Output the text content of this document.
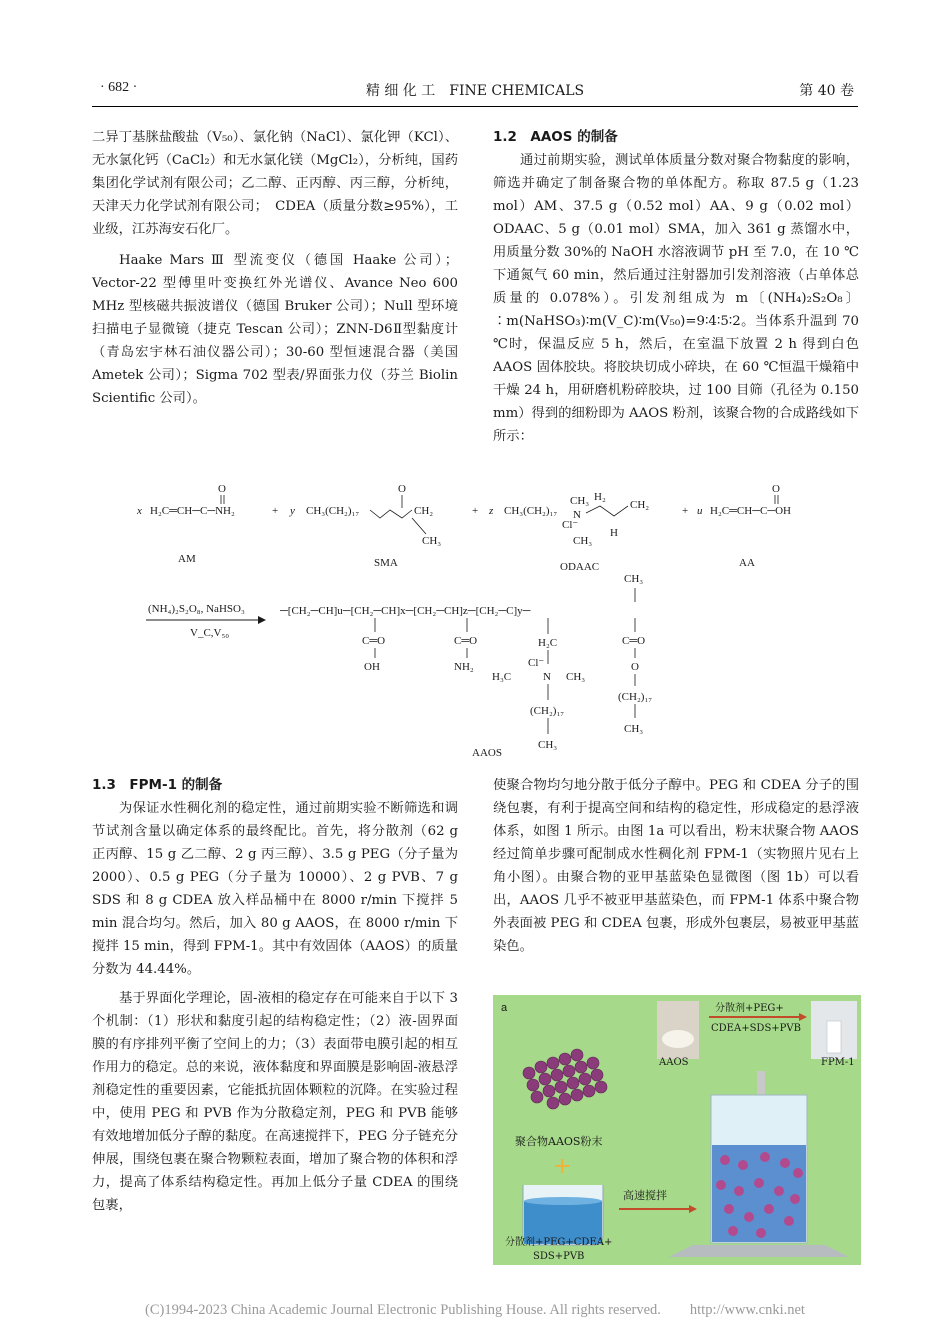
· 682 ·	精 细 化 工　FINE CHEMICALS	第 40 卷

二异丁基脒盐酸盐（V₅₀）、氯化钠（NaCl）、氯化钾（KCl）、无水氯化钙（CaCl₂）和无水氯化镁（MgCl₂），分析纯，国药集团化学试剂有限公司；乙二醇、正丙醇、丙三醇，分析纯，天津天力化学试剂有限公司；　CDEA（质量分数≥95%），工业级，江苏海安石化厂。

Haake Mars Ⅲ 型流变仪（德国 Haake 公司）；Vector-22 型傅里叶变换红外光谱仪、Avance Neo 600 MHz 型核磁共振波谱仪（德国 Bruker 公司）；Null 型环境扫描电子显微镜（捷克 Tescan 公司）；ZNN-D6Ⅱ型黏度计（青岛宏宇林石油仪器公司）；30-60 型恒速混合器（美国 Ametek 公司）；Sigma 702 型表/界面张力仪（芬兰 Biolin Scientific 公司）。

1.2　AAOS 的制备

通过前期实验，测试单体质量分数对聚合物黏度的影响，筛选并确定了制备聚合物的单体配方。称取 87.5 g（1.23 mol）AM、37.5 g（0.52 mol）AA、9 g（0.02 mol）ODAAC、5 g（0.01 mol）SMA，加入 361 g 蒸馏水中，用质量分数 30%的 NaOH 水溶液调节 pH 至 7.0，在 10 ℃下通氮气 60 min，然后通过注射器加引发剂溶液（占单体总质量的 0.078%）。引发剂组成为 m〔(NH₄)₂S₂O₈〕∶m(NaHSO₃)∶m(V_C)∶m(V₅₀)=9∶4∶5∶2。当体系升温到 70 ℃时，保温反应 5 h，然后，在室温下放置 2 h 得到白色 AAOS 固体胶块。将胶块切成小碎块，在 60 ℃恒温干燥箱中干燥 24 h，用研磨机粉碎胶块，过 100 目筛（孔径为 0.150 mm）得到的细粉即为 AAOS 粉剂，该聚合物的合成路线如下所示：

x H₂C═CH─C─NH₂
O
+ y CH₃(CH₂)₁₇
O
CH₂
CH₃
+ z CH₃(CH₂)₁₇
CH₃
N
Cl⁻
CH₃
H₂
CH₂
H
+ u H₂C═CH─C─OH
O
AM	SMA	ODAAC	AA
(NH₄)₂S₂O₈, NaHSO₃
V_C,V₅₀
─[CH₂─CH]u─[CH₂─CH]x─[CH₂─CH]z─[CH₂─C]y─
C═O
OH
C═O
NH₂
H₂C
Cl⁻
H₃C	N CH₃
(CH₂)₁₇
CH₃
CH₃
C═O
O
(CH₂)₁₇
CH₃
AAOS

1.3　FPM-1 的制备

为保证水性稠化剂的稳定性，通过前期实验不断筛选和调节试剂含量以确定体系的最终配比。首先，将分散剂（62 g 正丙醇、15 g 乙二醇、2 g 丙三醇）、3.5 g PEG（分子量为 2000）、0.5 g PEG（分子量为 10000）、2 g PVB、7 g SDS 和 8 g CDEA 放入样品桶中在 8000 r/min 下搅拌 5 min 混合均匀。然后，加入 80 g AAOS，在 8000 r/min 下搅拌 15 min，得到 FPM-1。其中有效固体（AAOS）的质量分数为 44.44%。

基于界面化学理论，固-液相的稳定存在可能来自于以下 3 个机制：（1）形状和黏度引起的结构稳定性；（2）液-固界面膜的有序排列平衡了空间上的力；（3）表面带电膜引起的相互作用力的稳定。总的来说，液体黏度和界面膜是影响固-液悬浮剂稳定性的重要因素，它能抵抗固体颗粒的沉降。在实验过程中，使用 PEG 和 PVB 作为分散稳定剂，PEG 和 PVB 能够有效地增加低分子醇的黏度。在高速搅拌下，PEG 分子链充分伸展，围绕包裹在聚合物颗粒表面，增加了聚合物的体积和浮力，提高了体系结构稳定性。再加上低分子量 CDEA 的围绕包裹，

使聚合物均匀地分散于低分子醇中。PEG 和 CDEA 分子的围绕包裹，有利于提高空间和结构的稳定性，形成稳定的悬浮液体系，如图 1 所示。由图 1a 可以看出，粉末状聚合物 AAOS 经过简单步骤可配制成水性稠化剂 FPM-1（实物照片见右上角小图）。由聚合物的亚甲基蓝染色显微图（图 1b）可以看出，AAOS 几乎不被亚甲基蓝染色，而 FPM-1 体系中聚合物外表面被 PEG 和 CDEA 包裹，形成外包裹层，易被亚甲基蓝染色。

a	分散剂+PEG+
CDEA+SDS+PVB
AAOS	FPM-1
聚合物AAOS粉末
+
高速搅拌
分散剂+PEG+CDEA+
SDS+PVB
(C)1994-2023 China Academic Journal Electronic Publishing House. All rights reserved.　　http://www.cnki.net
